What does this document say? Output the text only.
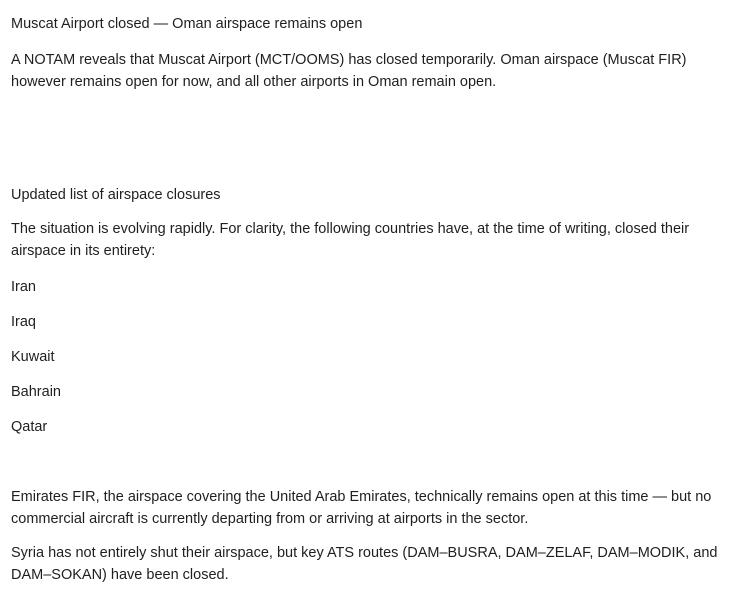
Muscat Airport closed — Oman airspace remains open

A NOTAM reveals that Muscat Airport (MCT/OOMS) has closed temporarily. Oman airspace (Muscat FIR) however remains open for now, and all other airports in Oman remain open.

Updated list of airspace closures

The situation is evolving rapidly. For clarity, the following countries have, at the time of writing, closed their airspace in its entirety:

Iran
Iraq
Kuwait
Bahrain
Qatar

Emirates FIR, the airspace covering the United Arab Emirates, technically remains open at this time — but no commercial aircraft is currently departing from or arriving at airports in the sector.

Syria has not entirely shut their airspace, but key ATS routes (DAM–BUSRA, DAM–ZELAF, DAM–MODIK, and DAM–SOKAN) have been closed.
